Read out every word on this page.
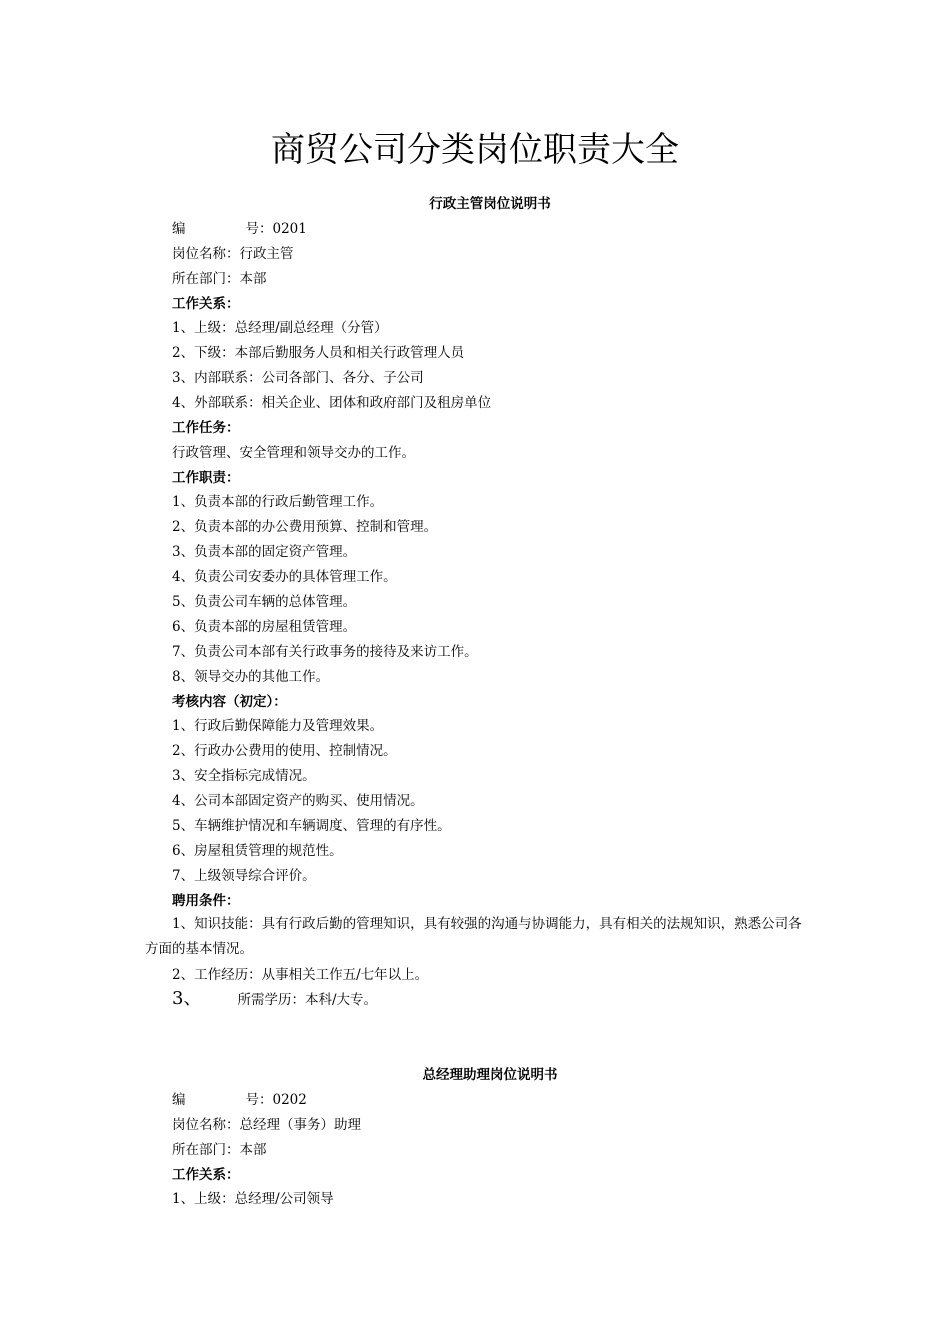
商贸公司分类岗位职责大全
行政主管岗位说明书
编	号：0201
岗位名称：行政主管
所在部门：本部
工作关系：
1、上级：总经理/副总经理（分管）
2、下级：本部后勤服务人员和相关行政管理人员
3、内部联系：公司各部门、各分、子公司
4、外部联系：相关企业、团体和政府部门及租房单位
工作任务：
行政管理、安全管理和领导交办的工作。
工作职责：
1、负责本部的行政后勤管理工作。
2、负责本部的办公费用预算、控制和管理。
3、负责本部的固定资产管理。
4、负责公司安委办的具体管理工作。
5、负责公司车辆的总体管理。
6、负责本部的房屋租赁管理。
7、负责公司本部有关行政事务的接待及来访工作。
8、领导交办的其他工作。
考核内容（初定）：
1、行政后勤保障能力及管理效果。
2、行政办公费用的使用、控制情况。
3、安全指标完成情况。
4、公司本部固定资产的购买、使用情况。
5、车辆维护情况和车辆调度、管理的有序性。
6、房屋租赁管理的规范性。
7、上级领导综合评价。
聘用条件：
1、知识技能：具有行政后勤的管理知识，具有较强的沟通与协调能力，具有相关的法规知识，熟悉公司各方面的基本情况。
2、工作经历：从事相关工作五/七年以上。
3、	所需学历：本科/大专。
总经理助理岗位说明书
编	号：0202
岗位名称：总经理（事务）助理
所在部门：本部
工作关系：
1、上级：总经理/公司领导
